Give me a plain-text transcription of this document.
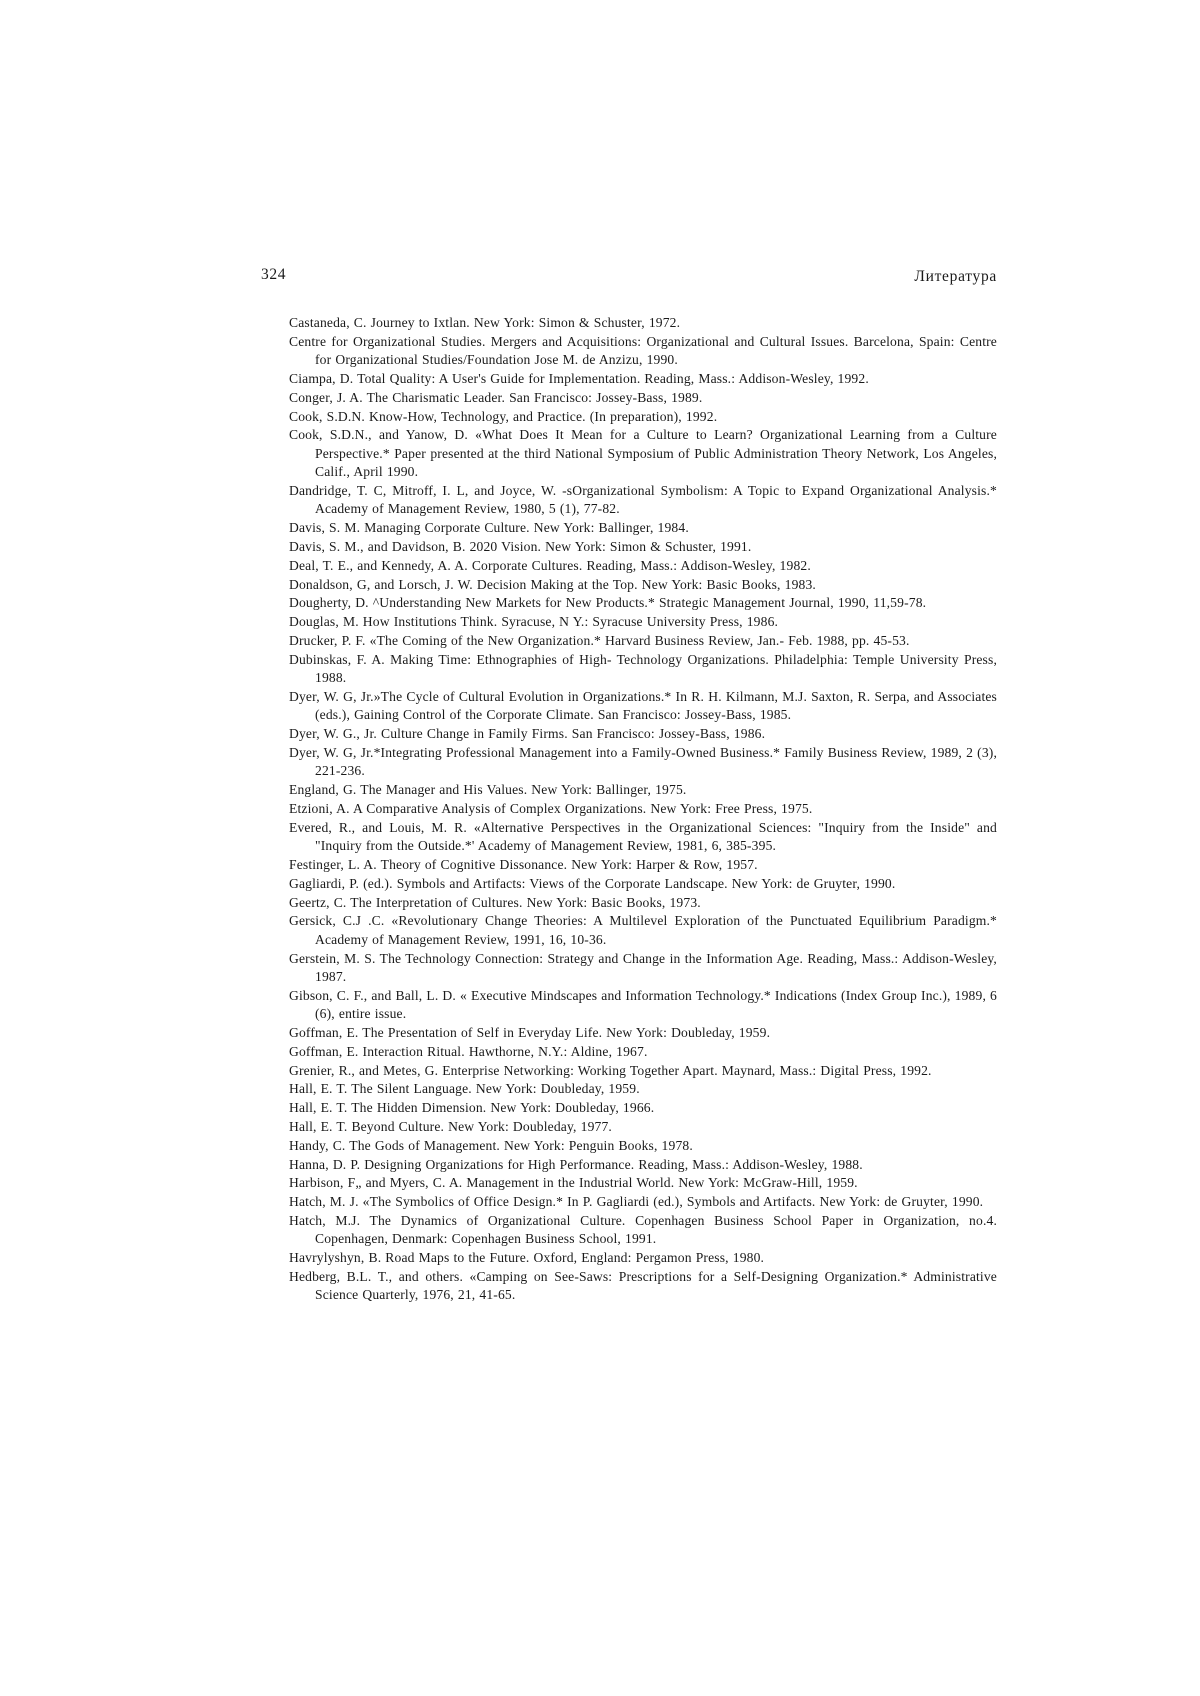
324	Литература
Castaneda, C. Journey to Ixtlan. New York: Simon & Schuster, 1972.
Centre for Organizational Studies. Mergers and Acquisitions: Organizational and Cultural Issues. Barcelona, Spain: Centre for Organizational Studies/Foundation Jose M. de Anzizu, 1990.
Ciampa, D. Total Quality: A User's Guide for Implementation. Reading, Mass.: Addison-Wesley, 1992.
Conger, J. A. The Charismatic Leader. San Francisco: Jossey-Bass, 1989.
Cook, S.D.N. Know-How, Technology, and Practice. (In preparation), 1992.
Cook, S.D.N., and Yanow, D. «What Does It Mean for a Culture to Learn? Organizational Learning from a Culture Perspective.* Paper presented at the third National Symposium of Public Administration Theory Network, Los Angeles, Calif., April 1990.
Dandridge, T. C, Mitroff, I. L, and Joyce, W. -sOrganizational Symbolism: A Topic to Expand Organizational Analysis.* Academy of Management Review, 1980, 5 (1), 77-82.
Davis, S. M. Managing Corporate Culture. New York: Ballinger, 1984.
Davis, S. M., and Davidson, B. 2020 Vision. New York: Simon & Schuster, 1991.
Deal, T. E., and Kennedy, A. A. Corporate Cultures. Reading, Mass.: Addison-Wesley, 1982.
Donaldson, G, and Lorsch, J. W. Decision Making at the Top. New York: Basic Books, 1983.
Dougherty, D. ^Understanding New Markets for New Products.* Strategic Management Journal, 1990, 11,59-78.
Douglas, M. How Institutions Think. Syracuse, N Y.: Syracuse University Press, 1986.
Drucker, P. F. «The Coming of the New Organization.* Harvard Business Review, Jan.- Feb. 1988, pp. 45-53.
Dubinskas, F. A. Making Time: Ethnographies of High- Technology Organizations. Philadelphia: Temple University Press, 1988.
Dyer, W. G, Jr.»The Cycle of Cultural Evolution in Organizations.* In R. H. Kilmann, M.J. Saxton, R. Serpa, and Associates (eds.), Gaining Control of the Corporate Climate. San Francisco: Jossey-Bass, 1985.
Dyer, W. G., Jr. Culture Change in Family Firms. San Francisco: Jossey-Bass, 1986.
Dyer, W. G, Jr.*Integrating Professional Management into a Family-Owned Business.* Family Business Review, 1989, 2 (3), 221-236.
England, G. The Manager and His Values. New York: Ballinger, 1975.
Etzioni, A. A Comparative Analysis of Complex Organizations. New York: Free Press, 1975.
Evered, R., and Louis, M. R. «Alternative Perspectives in the Organizational Sciences: "Inquiry from the Inside" and "Inquiry from the Outside.*' Academy of Management Review, 1981, 6, 385-395.
Festinger, L. A. Theory of Cognitive Dissonance. New York: Harper & Row, 1957.
Gagliardi, P. (ed.). Symbols and Artifacts: Views of the Corporate Landscape. New York: de Gruyter, 1990.
Geertz, C. The Interpretation of Cultures. New York: Basic Books, 1973.
Gersick, C.J .C. «Revolutionary Change Theories: A Multilevel Exploration of the Punctuated Equilibrium Paradigm.* Academy of Management Review, 1991, 16, 10-36.
Gerstein, M. S. The Technology Connection: Strategy and Change in the Information Age. Reading, Mass.: Addison-Wesley, 1987.
Gibson, C. F., and Ball, L. D. « Executive Mindscapes and Information Technology.* Indications (Index Group Inc.), 1989, 6 (6), entire issue.
Goffman, E. The Presentation of Self in Everyday Life. New York: Doubleday, 1959.
Goffman, E. Interaction Ritual. Hawthorne, N.Y.: Aldine, 1967.
Grenier, R., and Metes, G. Enterprise Networking: Working Together Apart. Maynard, Mass.: Digital Press, 1992.
Hall, E. T. The Silent Language. New York: Doubleday, 1959.
Hall, E. T. The Hidden Dimension. New York: Doubleday, 1966.
Hall, E. T. Beyond Culture. New York: Doubleday, 1977.
Handy, C. The Gods of Management. New York: Penguin Books, 1978.
Hanna, D. P. Designing Organizations for High Performance. Reading, Mass.: Addison-Wesley, 1988.
Harbison, F„ and Myers, C. A. Management in the Industrial World. New York: McGraw-Hill, 1959.
Hatch, M. J. «The Symbolics of Office Design.* In P. Gagliardi (ed.), Symbols and Artifacts. New York: de Gruyter, 1990.
Hatch, M.J. The Dynamics of Organizational Culture. Copenhagen Business School Paper in Organization, no.4. Copenhagen, Denmark: Copenhagen Business School, 1991.
Havrylyshyn, B. Road Maps to the Future. Oxford, England: Pergamon Press, 1980.
Hedberg, B.L. T., and others. «Camping on See-Saws: Prescriptions for a Self-Designing Organization.* Administrative Science Quarterly, 1976, 21, 41-65.
